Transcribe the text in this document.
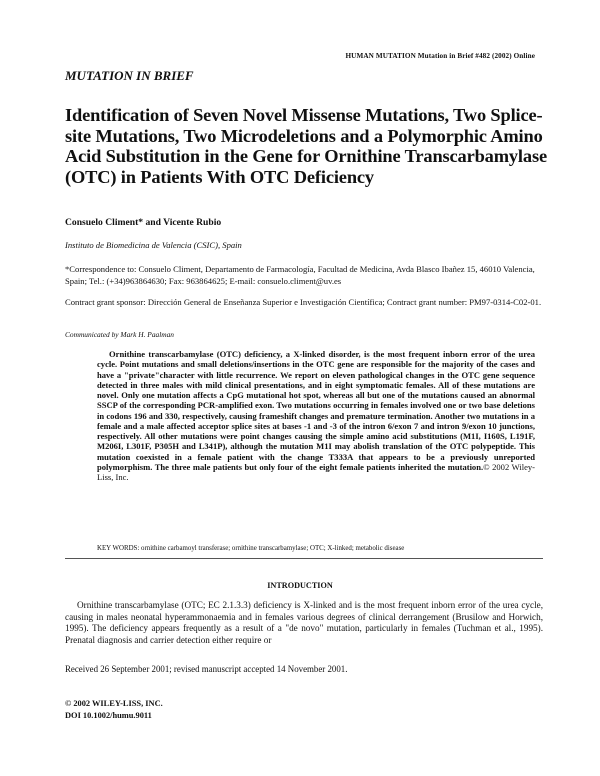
HUMAN MUTATION Mutation in Brief #482 (2002) Online
MUTATION IN BRIEF
Identification of Seven Novel Missense Mutations, Two Splice-site Mutations, Two Microdeletions and a Polymorphic Amino Acid Substitution in the Gene for Ornithine Transcarbamylase (OTC) in Patients With OTC Deficiency
Consuelo Climent* and Vicente Rubio
Instituto de Biomedicina de Valencia (CSIC), Spain
*Correspondence to: Consuelo Climent, Departamento de Farmacología, Facultad de Medicina, Avda Blasco Ibañez 15, 46010 Valencia, Spain; Tel.: (+34)963864630; Fax: 963864625; E-mail: consuelo.climent@uv.es
Contract grant sponsor: Dirección General de Enseñanza Superior e Investigación Científica; Contract grant number: PM97-0314-C02-01.
Communicated by Mark H. Paalman
Ornithine transcarbamylase (OTC) deficiency, a X-linked disorder, is the most frequent inborn error of the urea cycle. Point mutations and small deletions/insertions in the OTC gene are responsible for the majority of the cases and have a "private"character with little recurrence. We report on eleven pathological changes in the OTC gene sequence detected in three males with mild clinical presentations, and in eight symptomatic females. All of these mutations are novel. Only one mutation affects a CpG mutational hot spot, whereas all but one of the mutations caused an abnormal SSCP of the corresponding PCR-amplified exon. Two mutations occurring in females involved one or two base deletions in codons 196 and 330, respectively, causing frameshift changes and premature termination. Another two mutations in a female and a male affected acceptor splice sites at bases -1 and -3 of the intron 6/exon 7 and intron 9/exon 10 junctions, respectively. All other mutations were point changes causing the simple amino acid substitutions (M1I, I160S, L191F, M206I, L301F, P305H and L341P), although the mutation M1I may abolish translation of the OTC polypeptide. This mutation coexisted in a female patient with the change T333A that appears to be a previously unreported polymorphism. The three male patients but only four of the eight female patients inherited the mutation.© 2002 Wiley-Liss, Inc.
KEY WORDS: ornithine carbamoyl transferase; ornithine transcarbamylase; OTC; X-linked; metabolic disease
INTRODUCTION
Ornithine transcarbamylase (OTC; EC 2.1.3.3) deficiency is X-linked and is the most frequent inborn error of the urea cycle, causing in males neonatal hyperammonaemia and in females various degrees of clinical derrangement (Brusilow and Horwich, 1995). The deficiency appears frequently as a result of a "de novo" mutation, particularly in females (Tuchman et al., 1995). Prenatal diagnosis and carrier detection either require or
Received 26 September 2001; revised manuscript accepted 14 November 2001.
© 2002 WILEY-LISS, INC.
DOI 10.1002/humu.9011
